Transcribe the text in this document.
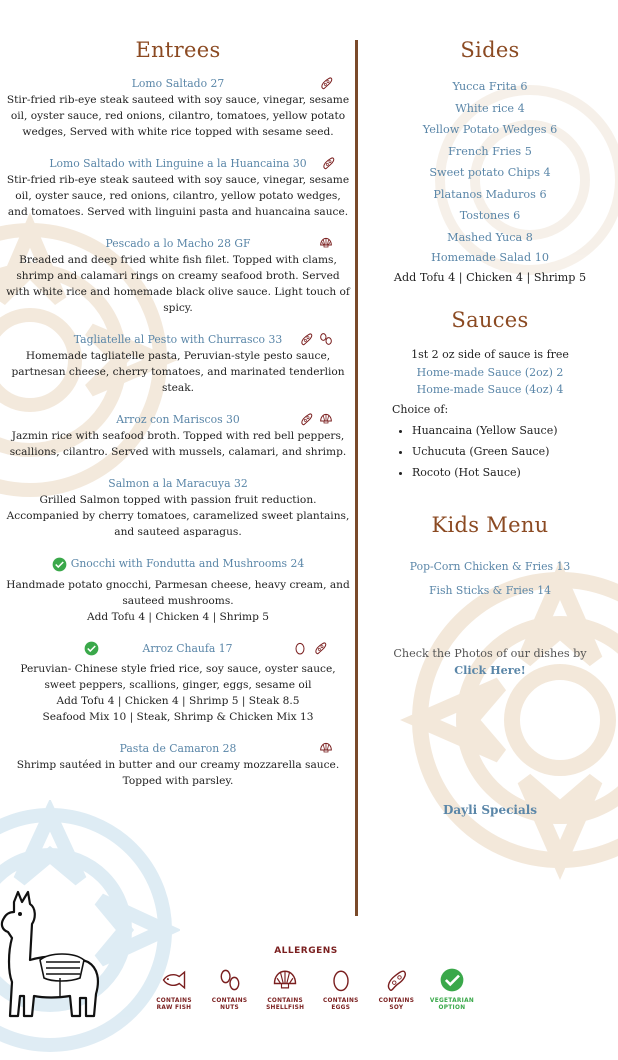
Entrees
Lomo Saltado 27
Stir-fried rib-eye steak sauteed with soy sauce, vinegar, sesame oil, oyster sauce, red onions, cilantro, tomatoes, yellow potato wedges, Served with white rice topped with sesame seed.
Lomo Saltado with Linguine a la Huancaina 30
Stir-fried rib-eye steak sauteed with soy sauce, vinegar, sesame oil, oyster sauce, red onions, cilantro, yellow potato wedges, and tomatoes. Served with linguini pasta and huancaina sauce.
Pescado a lo Macho 28 GF
Breaded and deep fried white fish filet. Topped with clams, shrimp and calamari rings on creamy seafood broth. Served with white rice and homemade black olive sauce. Light touch of spicy.
Tagliatelle al Pesto with Churrasco 33
Homemade tagliatelle pasta, Peruvian-style pesto sauce, partnesan cheese, cherry tomatoes, and marinated tenderlion steak.
Arroz con Mariscos 30
Jazmin rice with seafood broth. Topped with red bell peppers, scallions, cilantro. Served with mussels, calamari, and shrimp.
Salmon a la Maracuya 32
Grilled Salmon topped with passion fruit reduction. Accompanied by cherry tomatoes, caramelized sweet plantains, and sauteed asparagus.
Gnocchi with Fondutta and Mushrooms 24
Handmade potato gnocchi, Parmesan cheese, heavy cream, and sauteed mushrooms.
Add Tofu 4 | Chicken 4 | Shrimp 5
Arroz Chaufa 17
Peruvian- Chinese style fried rice, soy sauce, oyster sauce, sweet peppers, scallions, ginger, eggs, sesame oil
Add Tofu 4 | Chicken 4 | Shrimp 5 | Steak 8.5
Seafood Mix 10 | Steak, Shrimp & Chicken Mix 13
Pasta de Camaron 28
Shrimp sautéed in butter and our creamy mozzarella sauce. Topped with parsley.
Sides
Yucca Frita 6
White rice 4
Yellow Potato Wedges 6
French Fries 5
Sweet potato Chips 4
Platanos Maduros 6
Tostones 6
Mashed Yuca 8
Homemade Salad 10
Add Tofu 4 | Chicken 4 | Shrimp 5
Sauces
1st 2 oz side of sauce is free
Home-made Sauce (2oz) 2
Home-made Sauce (4oz) 4
Choice of:
• Huancaina (Yellow Sauce)
• Uchucuta (Green Sauce)
• Rocoto (Hot Sauce)
Kids Menu
Pop-Corn Chicken & Fries 13
Fish Sticks & Fries 14
Check the Photos of our dishes by
Click Here!
Dayli Specials
ALLERGENS
CONTAINS
RAW FISH
CONTAINS
NUTS
CONTAINS
SHELLFISH
CONTAINS
EGGS
CONTAINS
SOY
VEGETARIAN
OPTION
